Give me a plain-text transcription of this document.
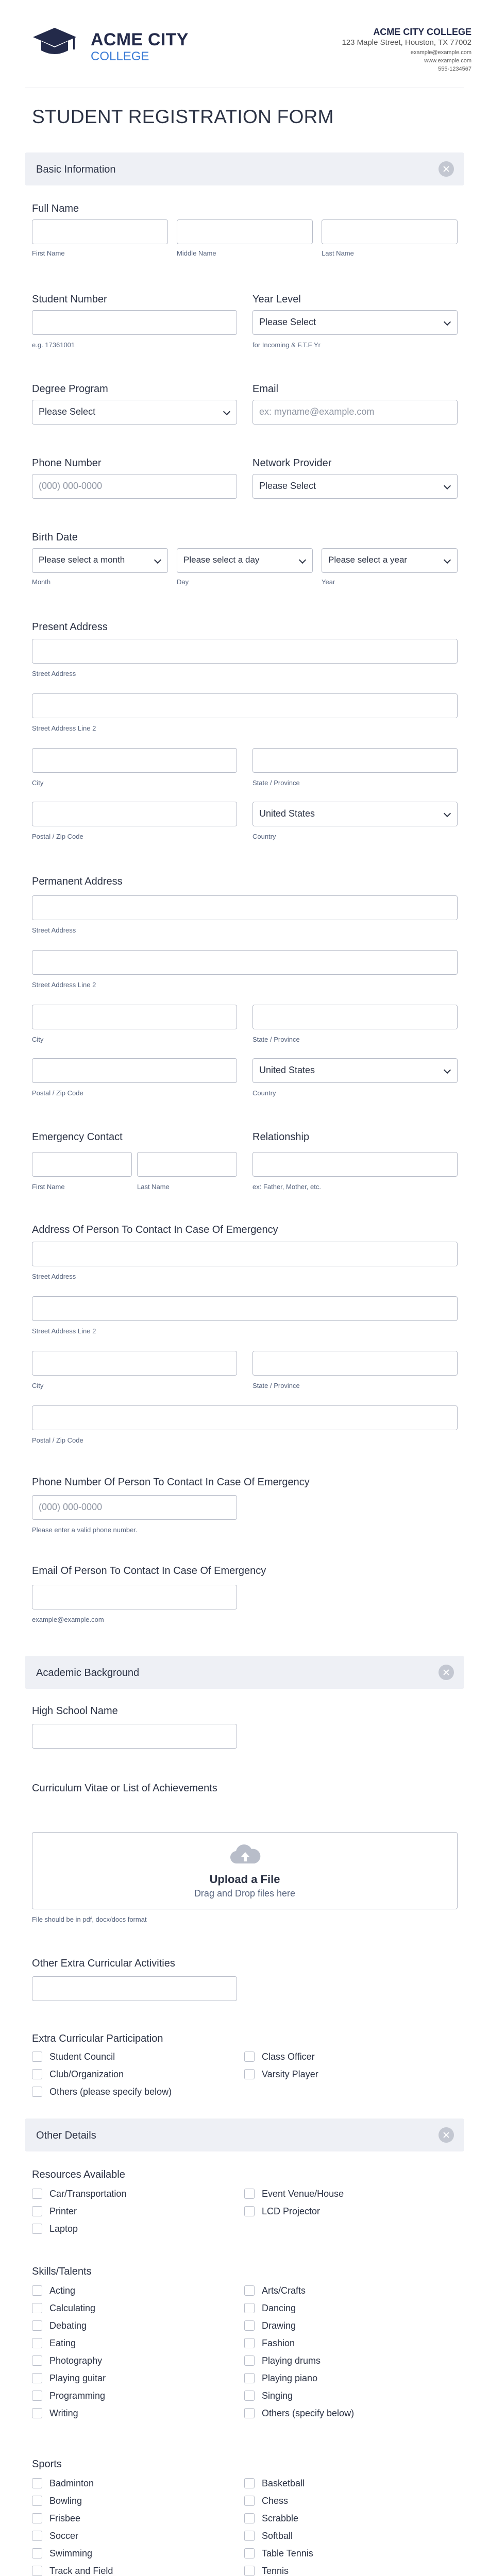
ACME CITY
COLLEGE
ACME CITY COLLEGE
123 Maple Street, Houston, TX 77002
example@example.com
www.example.com
555-1234567
STUDENT REGISTRATION FORM
Basic Information
Full Name
First Name	Middle Name	Last Name
Student Number
e.g. 17361001
Year Level
Please Select
for Incoming & F.T.F Yr
Degree Program
Please Select
Email
ex: myname@example.com
Phone Number
(000) 000-0000
Network Provider
Please Select
Birth Date
Please select a month	Please select a day	Please select a year
Month	Day	Year
Present Address
Street Address
Street Address Line 2
City	State / Province
United States
Postal / Zip Code	Country
Permanent Address
Street Address
Street Address Line 2
City	State / Province
United States
Postal / Zip Code	Country
Emergency Contact
First Name	Last Name
Relationship
ex: Father, Mother, etc.
Address Of Person To Contact In Case Of Emergency
Street Address
Street Address Line 2
City	State / Province
Postal / Zip Code
Phone Number Of Person To Contact In Case Of Emergency
(000) 000-0000
Please enter a valid phone number.
Email Of Person To Contact In Case Of Emergency
example@example.com
Academic Background
High School Name
Curriculum Vitae or List of Achievements
Upload a File
Drag and Drop files here
File should be in pdf, docx/docs format
Other Extra Curricular Activities
Extra Curricular Participation
Student Council
Club/Organization
Others (please specify below)
Class Officer
Varsity Player
Other Details
Resources Available
Car/Transportation
Printer
Laptop
Event Venue/House
LCD Projector
Skills/Talents
Acting
Calculating
Debating
Eating
Photography
Playing guitar
Programming
Writing
Arts/Crafts
Dancing
Drawing
Fashion
Playing drums
Playing piano
Singing
Others (specify below)
Sports
Badminton
Bowling
Frisbee
Soccer
Swimming
Track and Field
Basketball
Chess
Scrabble
Softball
Table Tennis
Tennis
